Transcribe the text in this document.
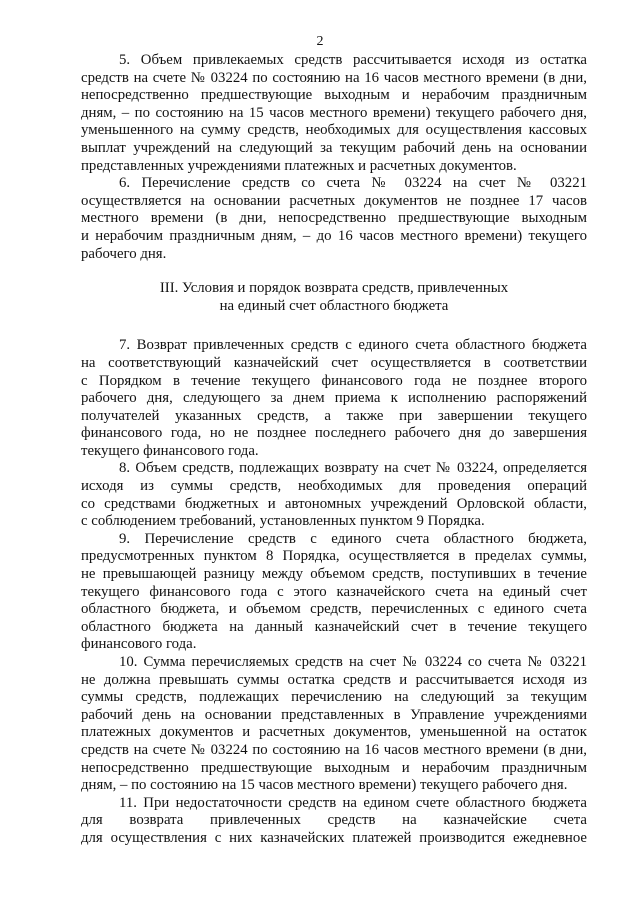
2
5. Объем привлекаемых средств рассчитывается исходя из остатка
средств на счете № 03224 по состоянию на 16 часов местного времени (в дни,
непосредственно предшествующие выходным и нерабочим праздничным
дням, – по состоянию на 15 часов местного времени) текущего рабочего дня,
уменьшенного на сумму средств, необходимых для осуществления кассовых
выплат учреждений на следующий за текущим рабочий день на основании
представленных учреждениями платежных и расчетных документов.
6. Перечисление средств со счета № 03224 на счет № 03221
осуществляется на основании расчетных документов не позднее 17 часов
местного времени (в дни, непосредственно предшествующие выходным
и нерабочим праздничным дням, – до 16 часов местного времени) текущего
рабочего дня.
III. Условия и порядок возврата средств, привлеченных
на единый счет областного бюджета
7. Возврат привлеченных средств с единого счета областного бюджета
на соответствующий казначейский счет осуществляется в соответствии
с Порядком в течение текущего финансового года не позднее второго
рабочего дня, следующего за днем приема к исполнению распоряжений
получателей указанных средств, а также при завершении текущего
финансового года, но не позднее последнего рабочего дня до завершения
текущего финансового года.
8. Объем средств, подлежащих возврату на счет № 03224, определяется
исходя из суммы средств, необходимых для проведения операций
со средствами бюджетных и автономных учреждений Орловской области,
с соблюдением требований, установленных пунктом 9 Порядка.
9. Перечисление средств с единого счета областного бюджета,
предусмотренных пунктом 8 Порядка, осуществляется в пределах суммы,
не превышающей разницу между объемом средств, поступивших в течение
текущего финансового года с этого казначейского счета на единый счет
областного бюджета, и объемом средств, перечисленных с единого счета
областного бюджета на данный казначейский счет в течение текущего
финансового года.
10. Сумма перечисляемых средств на счет № 03224 со счета № 03221
не должна превышать суммы остатка средств и рассчитывается исходя из
суммы средств, подлежащих перечислению на следующий за текущим
рабочий день на основании представленных в Управление учреждениями
платежных документов и расчетных документов, уменьшенной на остаток
средств на счете № 03224 по состоянию на 16 часов местного времени (в дни,
непосредственно предшествующие выходным и нерабочим праздничным
дням, – по состоянию на 15 часов местного времени) текущего рабочего дня.
11. При недостаточности средств на едином счете областного бюджета
для возврата привлеченных средств на казначейские счета
для осуществления с них казначейских платежей производится ежедневное
